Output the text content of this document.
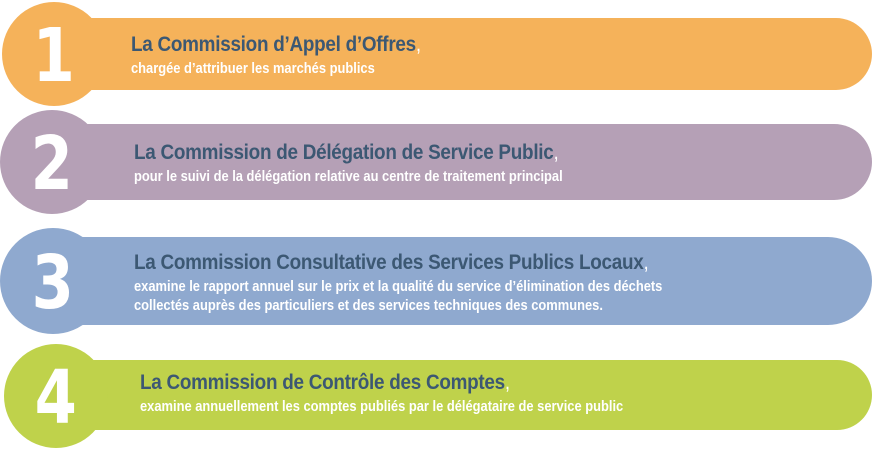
1	La Commission d’Appel d’Offres,
chargée d’attribuer les marchés publics
2	La Commission de Délégation de Service Public,
pour le suivi de la délégation relative au centre de traitement principal
3	La Commission Consultative des Services Publics Locaux,
examine le rapport annuel sur le prix et la qualité du service d’élimination des déchets
collectés auprès des particuliers et des services techniques des communes.
4	La Commission de Contrôle des Comptes,
examine annuellement les comptes publiés par le délégataire de service public
